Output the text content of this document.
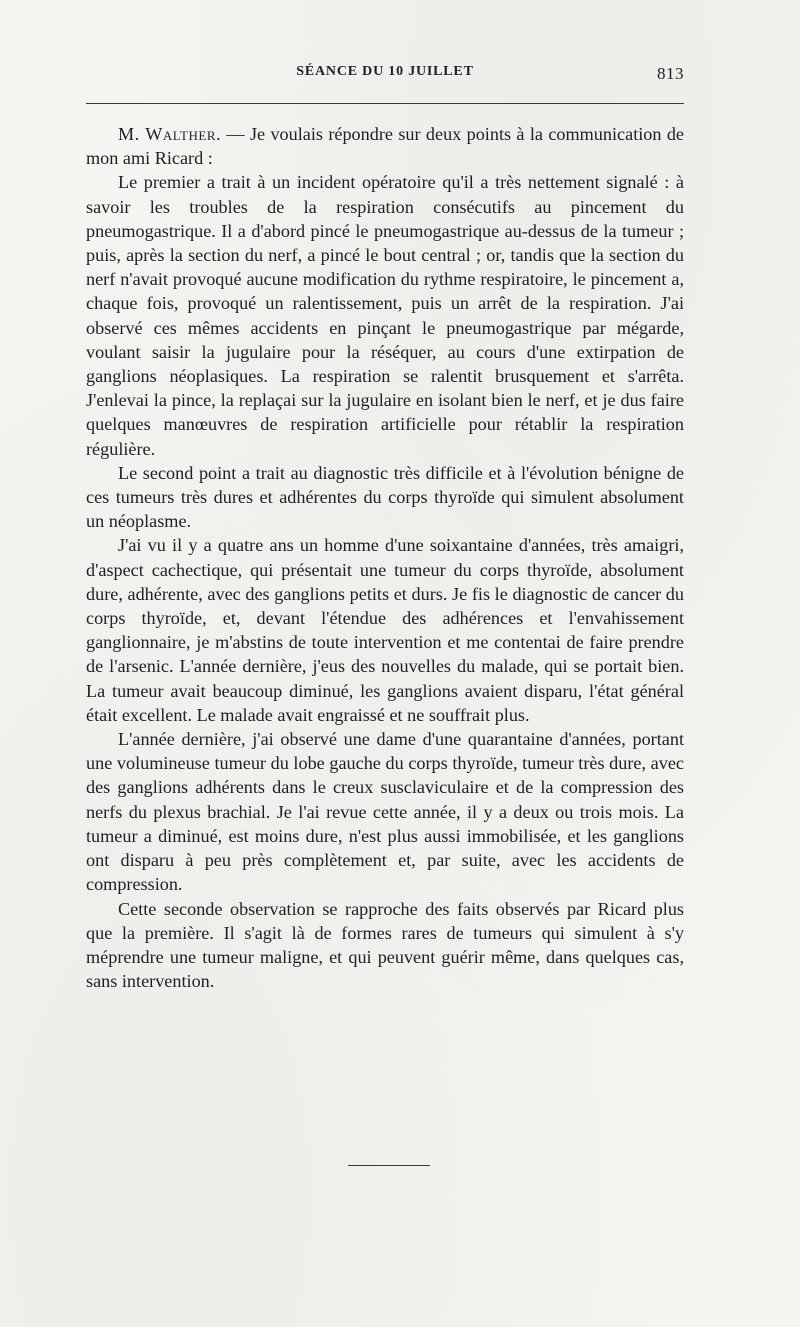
SÉANCE DU 10 JUILLET	813

M. Walther. — Je voulais répondre sur deux points à la communication de mon ami Ricard :

Le premier a trait à un incident opératoire qu'il a très nettement signalé : à savoir les troubles de la respiration consécutifs au pincement du pneumogastrique. Il a d'abord pincé le pneumogastrique au-dessus de la tumeur ; puis, après la section du nerf, a pincé le bout central ; or, tandis que la section du nerf n'avait provoqué aucune modification du rythme respiratoire, le pincement a, chaque fois, provoqué un ralentissement, puis un arrêt de la respiration. J'ai observé ces mêmes accidents en pinçant le pneumogastrique par mégarde, voulant saisir la jugulaire pour la réséquer, au cours d'une extirpation de ganglions néoplasiques. La respiration se ralentit brusquement et s'arrêta. J'enlevai la pince, la replaçai sur la jugulaire en isolant bien le nerf, et je dus faire quelques manœuvres de respiration artificielle pour rétablir la respiration régulière.

Le second point a trait au diagnostic très difficile et à l'évolution bénigne de ces tumeurs très dures et adhérentes du corps thyroïde qui simulent absolument un néoplasme.

J'ai vu il y a quatre ans un homme d'une soixantaine d'années, très amaigri, d'aspect cachectique, qui présentait une tumeur du corps thyroïde, absolument dure, adhérente, avec des ganglions petits et durs. Je fis le diagnostic de cancer du corps thyroïde, et, devant l'étendue des adhérences et l'envahissement ganglionnaire, je m'abstins de toute intervention et me contentai de faire prendre de l'arsenic. L'année dernière, j'eus des nouvelles du malade, qui se portait bien. La tumeur avait beaucoup diminué, les ganglions avaient disparu, l'état général était excellent. Le malade avait engraissé et ne souffrait plus.

L'année dernière, j'ai observé une dame d'une quarantaine d'années, portant une volumineuse tumeur du lobe gauche du corps thyroïde, tumeur très dure, avec des ganglions adhérents dans le creux susclaviculaire et de la compression des nerfs du plexus brachial. Je l'ai revue cette année, il y a deux ou trois mois. La tumeur a diminué, est moins dure, n'est plus aussi immobilisée, et les ganglions ont disparu à peu près complètement et, par suite, avec les accidents de compression.

Cette seconde observation se rapproche des faits observés par Ricard plus que la première. Il s'agit là de formes rares de tumeurs qui simulent à s'y méprendre une tumeur maligne, et qui peuvent guérir même, dans quelques cas, sans intervention.
